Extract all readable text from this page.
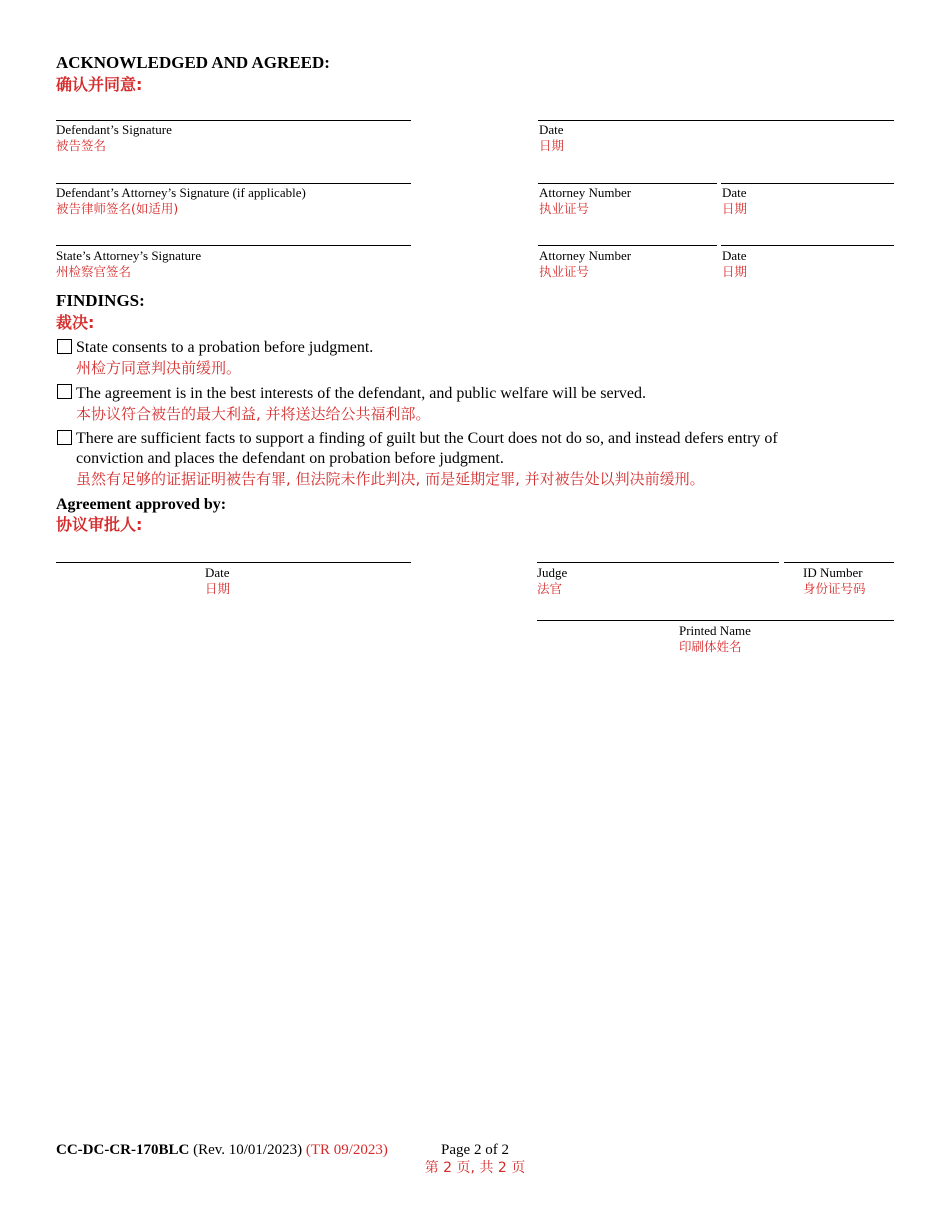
ACKNOWLEDGED AND AGREED:
确认并同意:
Defendant’s Signature
被告签名
Date
日期
Defendant’s Attorney’s Signature (if applicable)
被告律师签名(如适用)
Attorney Number
执业证号
Date
日期
State’s Attorney’s Signature
州检察官签名
Attorney Number
执业证号
Date
日期
FINDINGS:
裁决:
State consents to a probation before judgment.
州检方同意判决前缓刑。
The agreement is in the best interests of the defendant, and public welfare will be served.
本协议符合被告的最大利益, 并将送达给公共福利部。
There are sufficient facts to support a finding of guilt but the Court does not do so, and instead defers entry of conviction and places the defendant on probation before judgment.
虽然有足够的证据证明被告有罪, 但法院未作此判决, 而是延期定罪, 并对被告处以判决前缓刑。
Agreement approved by:
协议审批人:
Date
日期
Judge
法官
ID Number
身份证号码
Printed Name
印刷体姓名
CC-DC-CR-170BLC (Rev. 10/01/2023) (TR 09/2023)	Page 2 of 2
第 2 页, 共 2 页
